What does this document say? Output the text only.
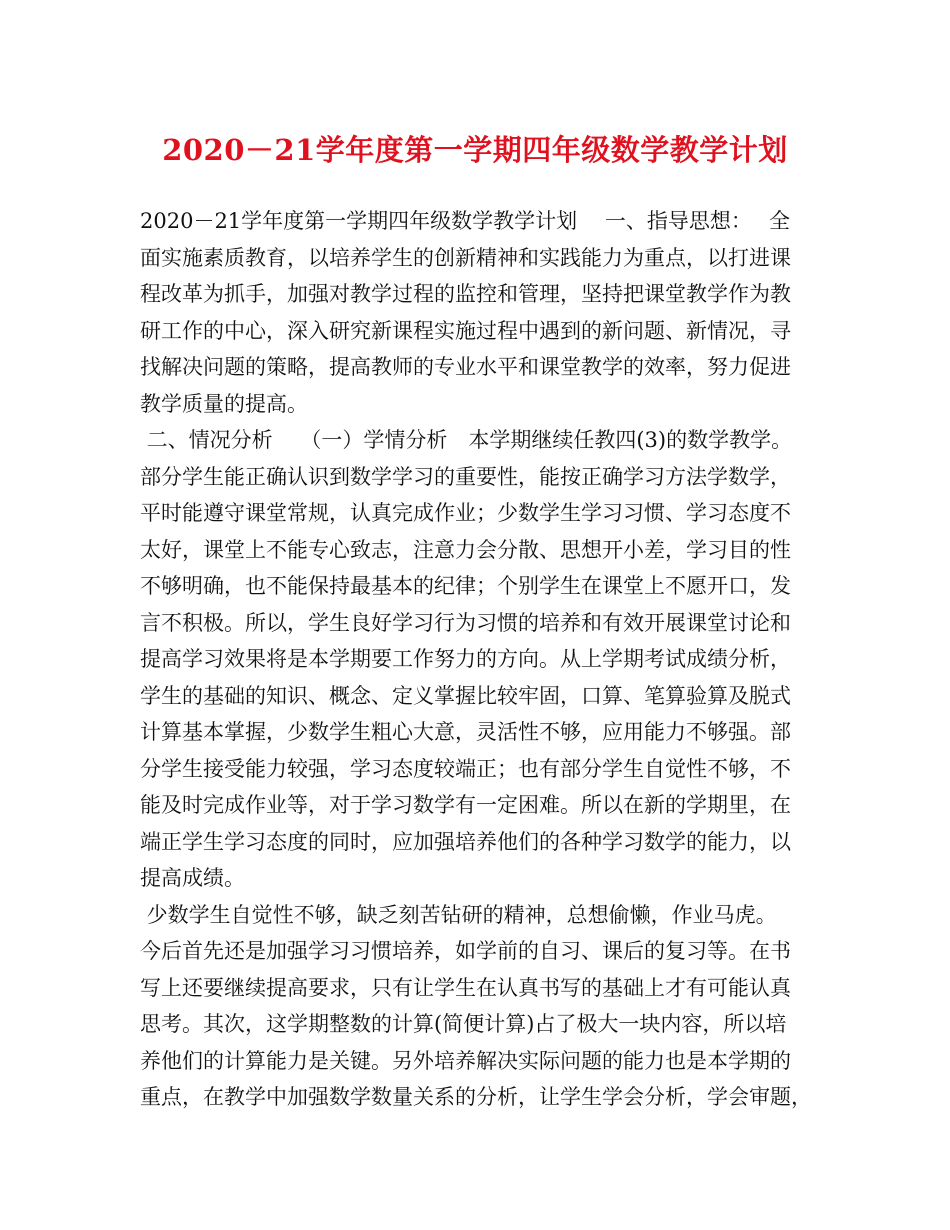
2020－21学年度第一学期四年级数学教学计划
2020－21学年度第一学期四年级数学教学计划　 一、指导思想：　 全
面实施素质教育，以培养学生的创新精神和实践能力为重点，以打进课
程改革为抓手，加强对教学过程的监控和管理，坚持把课堂教学作为教
研工作的中心，深入研究新课程实施过程中遇到的新问题、新情况，寻
找解决问题的策略，提高教师的专业水平和课堂教学的效率，努力促进
教学质量的提高。
二、情况分析　 （一）学情分析　本学期继续任教四(3)的数学教学。
部分学生能正确认识到数学学习的重要性，能按正确学习方法学数学，
平时能遵守课堂常规，认真完成作业；少数学生学习习惯、学习态度不
太好，课堂上不能专心致志，注意力会分散、思想开小差，学习目的性
不够明确，也不能保持最基本的纪律；个别学生在课堂上不愿开口，发
言不积极。所以，学生良好学习行为习惯的培养和有效开展课堂讨论和
提高学习效果将是本学期要工作努力的方向。从上学期考试成绩分析，
学生的基础的知识、概念、定义掌握比较牢固，口算、笔算验算及脱式
计算基本掌握，少数学生粗心大意，灵活性不够，应用能力不够强。部
分学生接受能力较强，学习态度较端正；也有部分学生自觉性不够，不
能及时完成作业等，对于学习数学有一定困难。所以在新的学期里，在
端正学生学习态度的同时，应加强培养他们的各种学习数学的能力，以
提高成绩。
少数学生自觉性不够，缺乏刻苦钻研的精神，总想偷懒，作业马虎。
今后首先还是加强学习习惯培养，如学前的自习、课后的复习等。在书
写上还要继续提高要求，只有让学生在认真书写的基础上才有可能认真
思考。其次，这学期整数的计算(简便计算)占了极大一块内容，所以培
养他们的计算能力是关键。另外培养解决实际问题的能力也是本学期的
重点，在教学中加强数学数量关系的分析，让学生学会分析，学会审题，
